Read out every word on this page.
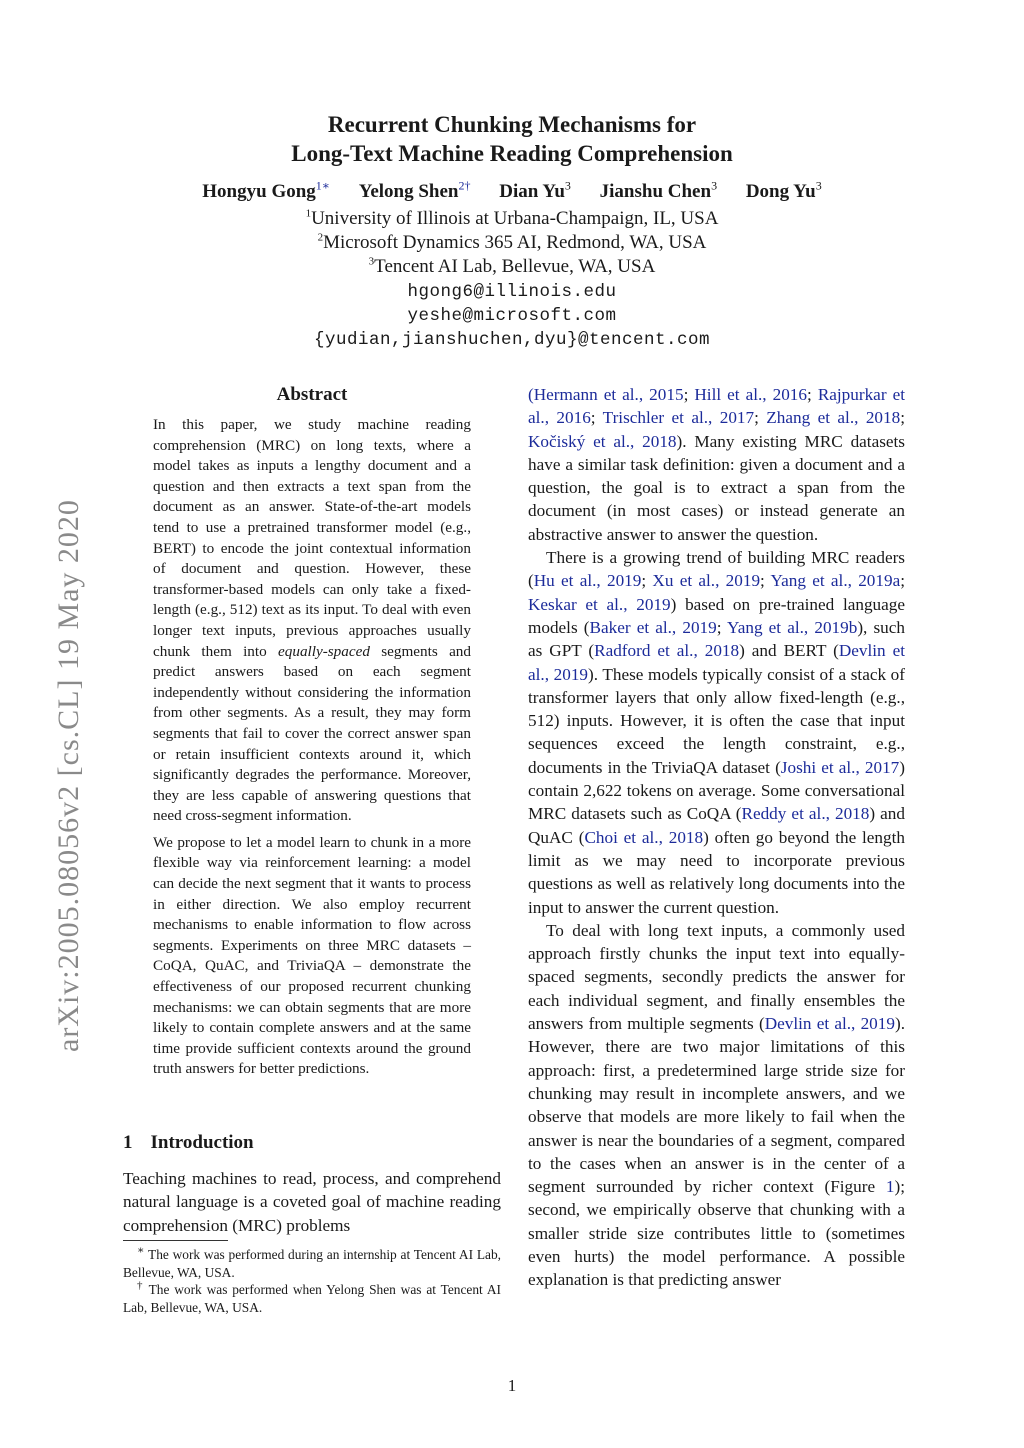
arXiv:2005.08056v2 [cs.CL] 19 May 2020
Recurrent Chunking Mechanisms for
Long-Text Machine Reading Comprehension
Hongyu Gong$^{1∗}$ Yelong Shen$^{2\dagger}$ Dian Yu$^3$ Jianshu Chen$^3$ Dong Yu$^3$
$^1$University of Illinois at Urbana-Champaign, IL, USA
$^2$Microsoft Dynamics 365 AI, Redmond, WA, USA
$^3$Tencent AI Lab, Bellevue, WA, USA
hgong6@illinois.edu
yeshe@microsoft.com
{yudian,jianshuchen,dyu}@tencent.com
Abstract

In this paper, we study machine reading comprehension (MRC) on long texts, where a model takes as inputs a lengthy document and a question and then extracts a text span from the document as an answer. State-of-the-art models tend to use a pretrained transformer model (e.g., BERT) to encode the joint contextual information of document and question. However, these transformer-based models can only take a fixed-length (e.g., 512) text as its input. To deal with even longer text inputs, previous approaches usually chunk them into equally-spaced segments and predict answers based on each segment independently without considering the information from other segments. As a result, they may form segments that fail to cover the correct answer span or retain insufficient contexts around it, which significantly degrades the performance. Moreover, they are less capable of answering questions that need cross-segment information.

We propose to let a model learn to chunk in a more flexible way via reinforcement learning: a model can decide the next segment that it wants to process in either direction. We also employ recurrent mechanisms to enable information to flow across segments. Experiments on three MRC datasets – CoQA, QuAC, and TriviaQA – demonstrate the effectiveness of our proposed recurrent chunking mechanisms: we can obtain segments that are more likely to contain complete answers and at the same time provide sufficient contexts around the ground truth answers for better predictions.

1 Introduction

Teaching machines to read, process, and comprehend natural language is a coveted goal of machine reading comprehension (MRC) problems

∗ The work was performed during an internship at Tencent AI Lab, Bellevue, WA, USA.

† The work was performed when Yelong Shen was at Tencent AI Lab, Bellevue, WA, USA.

(Hermann et al., 2015; Hill et al., 2016; Rajpurkar et al., 2016; Trischler et al., 2017; Zhang et al., 2018; Kočiský et al., 2018). Many existing MRC datasets have a similar task definition: given a document and a question, the goal is to extract a span from the document (in most cases) or instead generate an abstractive answer to answer the question.

There is a growing trend of building MRC readers (Hu et al., 2019; Xu et al., 2019; Yang et al., 2019a; Keskar et al., 2019) based on pre-trained language models (Baker et al., 2019; Yang et al., 2019b), such as GPT (Radford et al., 2018) and BERT (Devlin et al., 2019). These models typically consist of a stack of transformer layers that only allow fixed-length (e.g., 512) inputs. However, it is often the case that input sequences exceed the length constraint, e.g., documents in the TriviaQA dataset (Joshi et al., 2017) contain 2,622 tokens on average. Some conversational MRC datasets such as CoQA (Reddy et al., 2018) and QuAC (Choi et al., 2018) often go beyond the length limit as we may need to incorporate previous questions as well as relatively long documents into the input to answer the current question.

To deal with long text inputs, a commonly used approach firstly chunks the input text into equally-spaced segments, secondly predicts the answer for each individual segment, and finally ensembles the answers from multiple segments (Devlin et al., 2019). However, there are two major limitations of this approach: first, a predetermined large stride size for chunking may result in incomplete answers, and we observe that models are more likely to fail when the answer is near the boundaries of a segment, compared to the cases when an answer is in the center of a segment surrounded by richer context (Figure 1); second, we empirically observe that chunking with a smaller stride size contributes little to (sometimes even hurts) the model performance. A possible explanation is that predicting answer

1
